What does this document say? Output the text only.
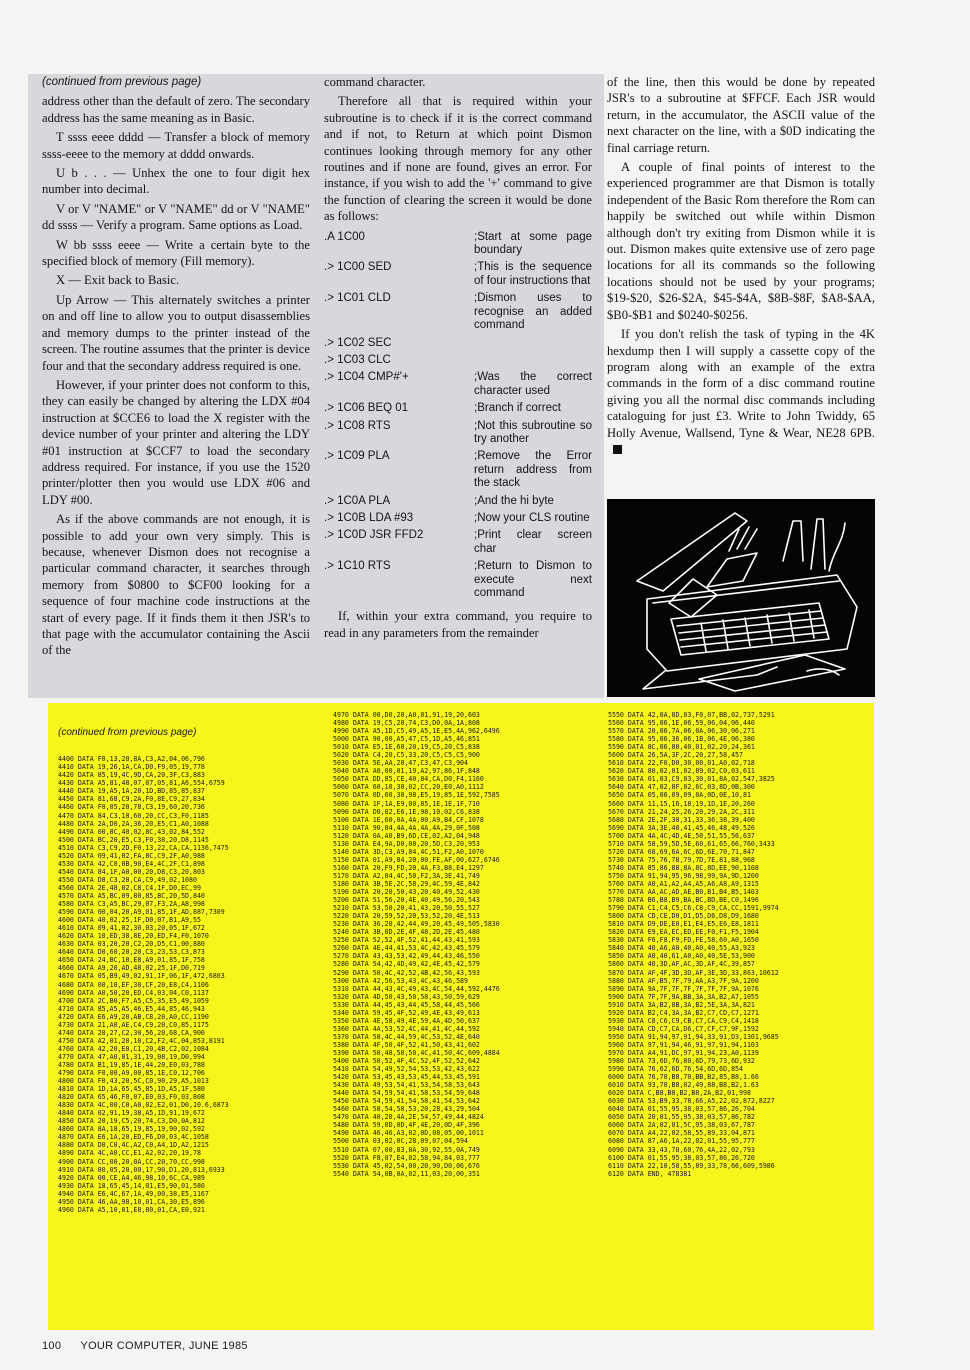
(continued from previous page)

address other than the default of zero. The secondary address has the same meaning as in Basic.

T ssss eeee dddd — Transfer a block of memory ssss-eeee to the memory at dddd onwards.

U b . . . — Unhex the one to four digit hex number into decimal.

V or V "NAME" or V "NAME" dd or V "NAME" dd ssss — Verify a program. Same options as Load.

W bb ssss eeee — Write a certain byte to the specified block of memory (Fill memory).

X — Exit back to Basic.

Up Arrow — This alternately switches a printer on and off line to allow you to output disassemblies and memory dumps to the printer instead of the screen. The routine assumes that the printer is device four and that the secondary address required is one.

However, if your printer does not conform to this, they can easily be changed by altering the LDX #04 instruction at $CCE6 to load the X register with the device number of your printer and altering the LDY #01 instruction at $CCF7 to load the secondary address required. For instance, if you use the 1520 printer/plotter then you would use LDX #06 and LDY #00.

As if the above commands are not enough, it is possible to add your own very simply. This is because, whenever Dismon does not recognise a particular command character, it searches through memory from $0800 to $CF00 looking for a sequence of four machine code instructions at the start of every page. If it finds them it then JSR's to that page with the accumulator containing the Ascii of the

command character.

Therefore all that is required within your subroutine is to check if it is the correct command and if not, to Return at which point Dismon continues looking through memory for any other routines and if none are found, gives an error. For instance, if you wish to add the '+' command to give the function of clearing the screen it would be done as follows:

.A 1C00	;Start at some page boundary
.> 1C00 SED	;This is the sequence of four instructions that
.> 1C01 CLD	;Dismon uses to recognise an added command
.> 1C02 SEC
.> 1C03 CLC
.> 1C04 CMP#'+	;Was the correct character used
.> 1C06 BEQ 01	;Branch if correct
.> 1C08 RTS	;Not this subroutine so try another
.> 1C09 PLA	;Remove the Error return address from the stack
.> 1C0A PLA	;And the hi byte
.> 1C0B LDA #93	;Now your CLS routine
.> 1C0D JSR FFD2	;Print clear screen char
.> 1C10 RTS	;Return to Dismon to execute next command

If, within your extra command, you require to read in any parameters from the remainder

of the line, then this would be done by repeated JSR's to a subroutine at $FFCF. Each JSR would return, in the accumulator, the ASCII value of the next character on the line, with a $0D indicating the final carriage return.

A couple of final points of interest to the experienced programmer are that Dismon is totally independent of the Basic Rom therefore the Rom can happily be switched out while within Dismon although don't try exiting from Dismon while it is out. Dismon makes quite extensive use of zero page locations for all its commands so the following locations should not be used by your programs; $19-$20, $26-$2A, $45-$4A, $8B-$8F, $A8-$AA, $B0-$B1 and $0240-$0256.

If you don't relish the task of typing in the 4K hexdump then I will supply a cassette copy of the program along with an example of the extra commands in the form of a disc command routine giving you all the normal disc commands including cataloguing for just £3. Write to John Twiddy, 65 Holly Avenue, Wallsend, Tyne & Wear, NE28 6PB.

(continued from previous page)

4400 DATA F0,13,20,8A,C3,A2,04,06,796
4410 DATA 19,26,1A,CA,D0,F9,05,19,778
4420 DATA 85,19,4C,9D,CA,20,3F,C3,883
4430 DATA A5,81,48,07,07,05,81,A6,554,6759
4440 DATA 19,A5,1A,20,1D,BD,85,85,837
4450 DATA 81,68,C9,2A,F0,8E,C9,27,834
4460 DATA F0,05,20,78,C3,19,60,20,736
4470 DATA 84,C3,18,60,20,CC,C3,F0,1185
4480 DATA 2A,D0,2A,36,20,E5,C1,A0,1088
4490 DATA 00,8C,40,02,8C,43,02,84,552
4500 DATA BC,20,E5,C3,F0,38,20,D8,1145
4510 DATA C3,C9,2D,F0,13,22,CA,CA,1136,7475
4520 DATA 09,41,02,FA,8C,C9,2F,A0,988
4530 DATA 42,C0,0B,90,E4,4C,2F,C1,898
4540 DATA 84,1F,A0,00,20,D8,C3,20,803
4550 DATA D8,C3,20,CA,C9,49,02,1080
4560 DATA 2E,48,02,C8,C4,1F,D0,EC,99
4570 DATA A5,BC,09,80,85,BC,20,5D,840
4580 DATA C3,A5,BC,29,07,F3,2A,A8,998
4590 DATA 00,04,20,A9,01,85,1F,AD,887,7309
4600 DATA 40,02,25,1F,D0,07,B1,A9,55
4610 DATA 09,41,02,30,03,20,05,1F,672
4620 DATA 10,ED,38,8E,20,ED,F4,F0,1070
4630 DATA 03,20,20,C2,20,D5,C1,00,880
4640 DATA D0,60,20,20,C3,23,53,C3,873
4650 DATA 24,BC,10,E8,A9,01,85,1F,758
4660 DATA A9,20,AD,48,02,25,1F,D0,719
4670 DATA 05,B9,49,02,91,1F,06,1F,472,6803
4680 DATA 00,10,EF,30,CF,20,E8,C4,1106
4690 DATA A0,50,20,ED,C4,03,04,C0,1137
4700 DATA 2C,B0,F7,A5,C5,35,E5,49,1059
4710 DATA 85,A5,A5,46,E5,44,85,46,943
4720 DATA E6,A9,20,AB,C8,20,A0,CC,1190
4730 DATA 21,A0,AE,C4,C9,20,C0,85,1175
4740 DATA 20,27,C2,30,56,20,68,CA,900
4750 DATA A2,01,20,10,C2,F2,4C,04,853,8191
4760 DATA 42,20,E0,C1,20,4B,C2,02,1084
4770 DATA 47,A0,01,31,19,08,19,D0,994
4780 DATA B1,19,85,1E,44,20,E0,03,788
4790 DATA F0,00,A9,00,85,1E,C0,12,706
4800 DATA F0,43,20,5C,C0,90,29,A5,1013
4810 DATA 1D,1A,65,45,85,1D,A5,1F,580
4820 DATA 65,46,F0,07,E0,03,F0,03,808
4830 DATA 4C,00,C0,A0,02,E2,01,D0,10.6,6873
4840 DATA 02,91,19,38,A5,1D,91,19,672
4850 DATA 20,19,C5,20,74,C3,D0,0A,812
4860 DATA 8A,18,65,19,85,19,90,02,592
4870 DATA E6,1A,20,ED,F6,D0,03,4C,1058
4880 DATA D0,C0,4C,A2,C0,A4,1D,A2,1215
4890 DATA 4C,A0,CC,E1,A2,02,20,19,78
4900 DATA CC,00,20,0A,CC,20,70,CC,998
4910 DATA 80,05,20,00,17,90,D1,20,813,6933
4920 DATA 00,CE,A4,46,98,10,6C,CA,989
4930 DATA 18,65,45,14,01,E5,90,01,580
4940 DATA E6,4C,67,1A,49,00,38,E5,1167
4950 DATA 46,AA,98,10,01,CA,30,E5,896
4960 DATA A5,10,01,E8,80,01,CA,E0,921
4970 DATA 00,D0,20,A0,01,91,19,20,603
4980 DATA 19,C5,20,74,C3,D0,0A,1A,808
4990 DATA A5,1D,C5,49,A5,1E,E5,4A,962,6496
5000 DATA 90,00,A5,47,C5,1D,A5,46,851
5010 DATA E5,1E,60,20,19,C5,20,C5,838
5020 DATA C4,20,C5,33,20,C5,C5,C5,900
5030 DATA 5E,AA,20,47,C3,47,C3,904
5040 DATA A0,00,01,19,A2,97,86,1F,848
5050 DATA DD,85,CE,40,84,CA,D0,F4,1160
5060 DATA 60,10,30,02,CC,20,E0,A0,1112
5070 DATA 0D,60,38,98,E5,19,85,1E,592,7585
5080 DATA 1F,1A,E9,00,85,1E,1E,1F,710
5090 DATA D0,02,E6,1E,98,10,02,C6,838
5100 DATA 1E,60,0A,4A,00,A9,B4,CF,1078
5110 DATA 90,04,4A,4A,4A,4A,29,0F,508
5120 DATA 0A,A0,B9,6D,CE,02,A2,04,948
5130 DATA E4,9A,D0,08,20,5D,C3,20,953
5140 DATA 3D,C3,A9,84,4C,51,F2,A0,1070
5150 DATA 01,A9,84,20,00,FE,AF,00,627,6746
5160 DATA 20,F9,FD,20,4A,F3,B8,E4,1297
5170 DATA A2,04,4C,50,F2,3A,3E,41,749
5180 DATA 3B,5E,2C,58,29,4C,59,4E,842
5190 DATA 20,20,50,43,20,40,49,52,430
5200 DATA 51,56,20,4E,40,49,56,20,543
5210 DATA 53,50,20,41,43,20,50,55,527
5220 DATA 20,59,52,20,53,52,20,4E,513
5230 DATA 36,20,42,44,49,20,45,49,505,5830
5240 DATA 3B,0D,2E,4F,48,2D,2E,45,480
5250 DATA 52,52,4F,52,41,44,43,41,593
5260 DATA 4E,44,41,53,4C,42,43,45,579
5270 DATA 43,43,53,42,49,44,43,46,550
5280 DATA 54,42,4D,49,42,4E,45,42,579
5290 DATA 50,4C,42,52,4B,42,56,43,593
5300 DATA 42,56,53,43,4C,43,46,589
5310 DATA 44,43,4C,49,43,4C,54,44,592,4476
5320 DATA 4D,50,43,50,58,43,50,59,629
5330 DATA 44,45,43,44,45,58,44,45,566
5340 DATA 59,45,4F,52,49,4E,43,49,613
5350 DATA 4E,58,49,4E,59,4A,4D,50,637
5360 DATA 4A,53,52,4C,44,41,4C,44,592
5370 DATA 58,4C,44,59,4C,53,52,4E,640
5380 DATA 4F,50,4F,52,41,50,43,41,602
5390 DATA 50,48,50,50,4C,41,50,4C,609,4884
5400 DATA 50,52,4F,4C,52,4F,52,52,642
5410 DATA 54,49,52,54,53,53,42,43,622
5420 DATA 53,45,43,53,45,44,53,45,591
5430 DATA 49,53,54,41,53,54,58,53,643
5440 DATA 54,59,54,41,58,53,54,59,648
5450 DATA 54,59,41,54,58,41,54,53,642
5460 DATA 58,54,58,53,20,28,43,29,504
5470 DATA 40,20,4A,2E,54,57,49,44,4824
5480 DATA 59,0D,0D,4F,4E,20,0D,4F,396
5490 DATA 46,46,A3,02,0D,08,05,00,1011
5500 DATA 03,02,0C,28,09,07,04,594
5510 DATA 07,00,83,0A,30,92,55,0A,749
5520 DATA F8,07,E4,02,58,94,84,03,777
5530 DATA 45,02,54,00,20,90,D0,06,676
5540 DATA 54,0B,0A,02,11,03,20,00,351
5550 DATA 42,0A,8D,03,F0,07,BB,02,737,5291
5560 DATA 95,06,1E,06,59,06,04,06,440
5570 DATA 20,06,7A,06,0A,06,30,06,271
5580 DATA 95,06,36,06,1B,06,4E,06,380
5590 DATA 8C,06,80,40,01,02,20,24,361
5600 DATA 26,5A,3F,2C,20,27,58,457
5610 DATA 22,F0,D0,30,00,01,A0,02,718
5620 DATA 80,02,01,02,89,02,C0,03,611
5630 DATA 01,03,C9,03,30,01,8A,02,547,3825
5640 DATA 47,02,8F,02,6C,03,8D,0B,300
5650 DATA 05,06,09,09,0A,0D,0E,10,81
5660 DATA 11,15,16,18,19,1D,1E,20,260
5670 DATA 21,24,25,26,20,29,2A,2C,311
5680 DATA 2E,2F,30,31,33,36,38,39,400
5690 DATA 3A,3E,40,41,45,46,48,49,526
5700 DATA 4A,4C,4D,4E,50,51,55,56,637
5710 DATA 58,59,5D,5E,60,61,65,66,760,3433
5720 DATA 68,69,6A,6C,6D,6E,70,71,847
5730 DATA 75,76,78,79,7D,7E,81,88,968
5740 DATA 85,86,88,8A,8C,8D,EE,90,1108
5750 DATA 91,94,95,96,98,99,9A,9D,1200
5760 DATA A0,A1,A2,A4,A5,A6,A8,A9,1315
5770 DATA AA,AC,AD,AE,B0,B1,B4,B5,1403
5780 DATA B6,B8,B9,BA,BC,BD,BE,C0,1496
5790 DATA C1,C4,C5,C6,C8,C9,CA,CC,1591,9974
5800 DATA CD,CE,D0,D1,D5,D6,D8,D9,1680
5810 DATA D9,DE,E0,E1,E4,E5,E6,E8,1811
5820 DATA E9,EA,EC,ED,EE,F0,F1,F5,1904
5830 DATA F6,F8,F9,FD,FE,58,60,A0,1650
5840 DATA 40,A6,A0,40,A0,40,55,A3,923
5850 DATA A0,40,61,A0,A0,40,5E,53,900
5860 DATA 40,3D,AF,AC,3D,AF,4C,39,857
5870 DATA AF,4F,3D,3D,AF,3E,3D,33,863,10612
5880 DATA AF,B5,7F,79,AA,A3,7F,9A,1200
5890 DATA 9A,7F,7F,7F,7F,7F,7F,9A,1076
5900 DATA 7F,7F,9A,BB,3A,3A,B2,A7,1055
5910 DATA 3A,B2,8B,3A,B2,5E,3A,3A,821
5920 DATA B2,C4,3A,3A,B2,C7,CD,C7,1271
5930 DATA C8,C6,C9,CB,C7,CA,C9,C4,1418
5940 DATA CD,C7,CA,D6,C7,CF,C7,9F,1592
5950 DATA 91,94,97,91,94,33,91,D3,1301,9685
5960 DATA 97,91,94,46,91,97,91,94,1103
5970 DATA A4,91,DC,97,91,94,23,A0,1139
5980 DATA 73,6D,76,80,6D,79,73,6D,932
5990 DATA 76,62,6D,76,54,6D,6D,854
6000 DATA 76,70,B8,70,BB,B2,85,B8,1.66
6010 DATA 93,70,B8,02,49,88,B8,B2,1.63
6020 DATA C,B8,B8,B2,B8,2A,B2,01,998
6030 DATA 53,B9,33,78,66,A5,22,02,872,8227
6040 DATA 01,55,95,38,03,57,86,26,704
6050 DATA 20,01,55,95,38,03,57,86,782
6060 DATA 2A,02,01,5C,95,38,03,67,787
6070 DATA A4,22,02,58,55,89,33,04,871
6080 DATA 87,A6,1A,22,02,01,55,95,777
6090 DATA 33,43,70,60,76,4A,22,02,793
6100 DATA 01,55,95,38,03,57,86,26,720
6110 DATA 22,10,58,55,89,33,78,66,609,5986
6120 DATA END, 478381
100 YOUR COMPUTER, JUNE 1985
